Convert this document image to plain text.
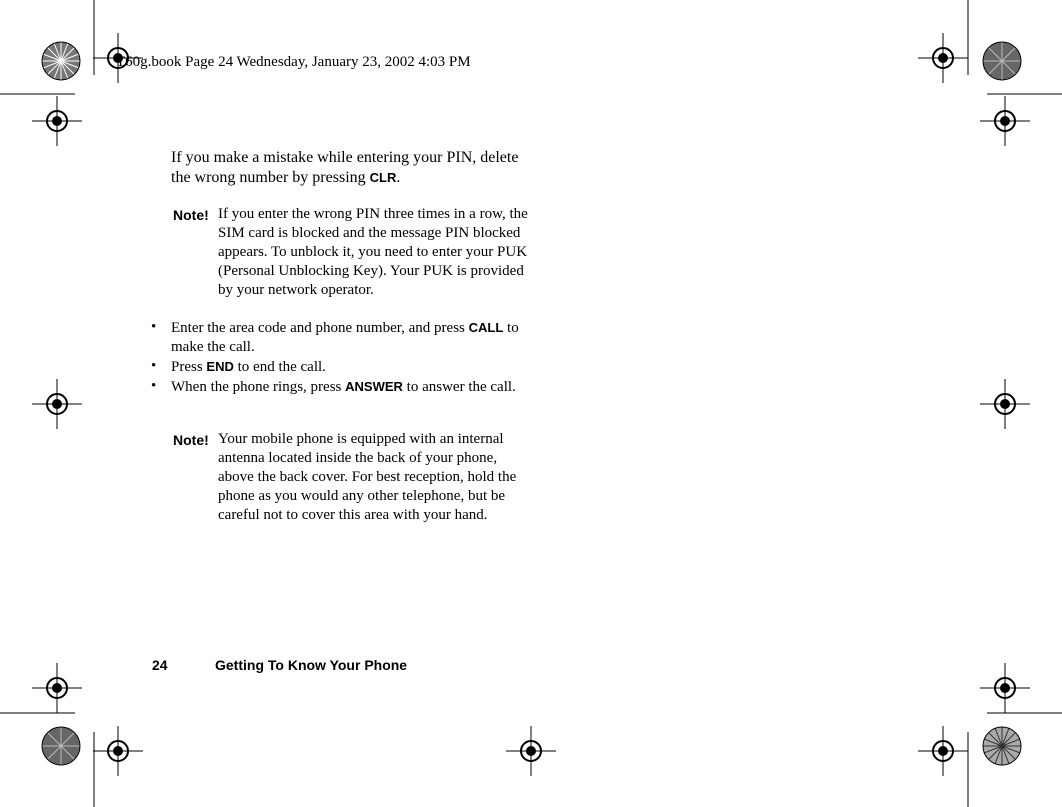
T60g.book Page 24 Wednesday, January 23, 2002 4:03 PM
If you make a mistake while entering your PIN, delete the wrong number by pressing CLR.
Note! If you enter the wrong PIN three times in a row, the SIM card is blocked and the message PIN blocked appears. To unblock it, you need to enter your PUK (Personal Unblocking Key). Your PUK is provided by your network operator.
• Enter the area code and phone number, and press CALL to make the call.
• Press END to end the call.
• When the phone rings, press ANSWER to answer the call.
Note! Your mobile phone is equipped with an internal antenna located inside the back of your phone, above the back cover. For best reception, hold the phone as you would any other telephone, but be careful not to cover this area with your hand.
24	Getting To Know Your Phone
